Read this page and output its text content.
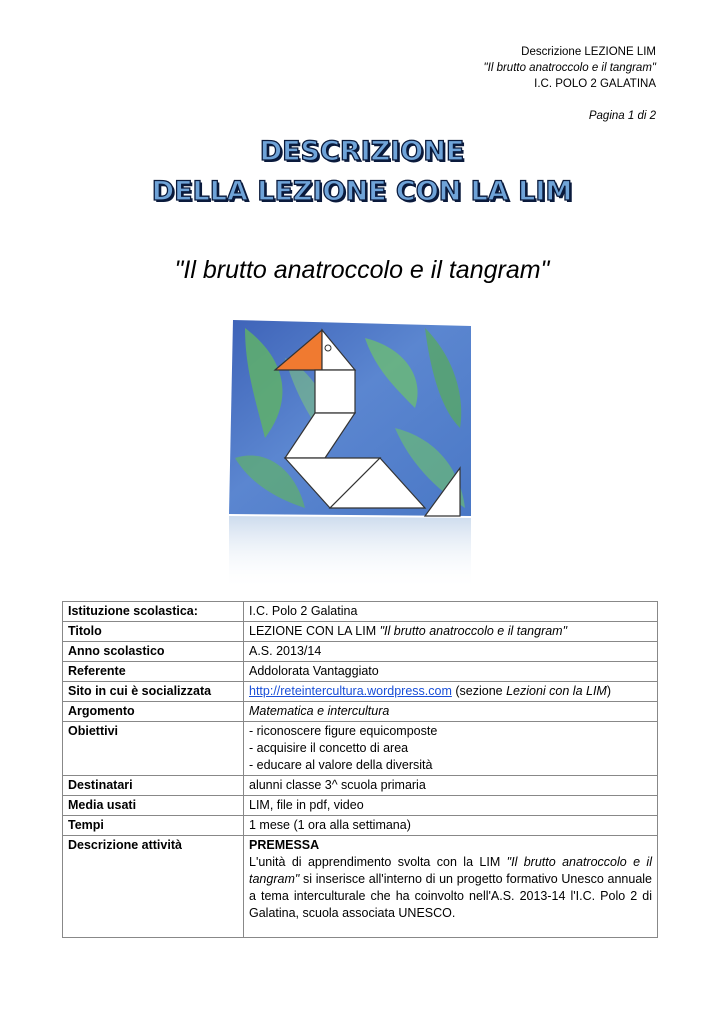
Descrizione LEZIONE LIM
"Il brutto anatroccolo e il tangram"
I.C. POLO 2 GALATINA
Pagina 1 di 2
DESCRIZIONE
DELLA LEZIONE CON LA LIM
"Il brutto anatroccolo e il tangram"
Istituzione scolastica:	I.C. Polo 2 Galatina
Titolo	LEZIONE CON LA LIM "Il brutto anatroccolo e il tangram"
Anno scolastico	A.S. 2013/14
Referente	Addolorata Vantaggiato
Sito in cui è socializzata	http://reteintercultura.wordpress.com (sezione Lezioni con la LIM)
Argomento	Matematica e intercultura
Obiettivi	- riconoscere figure equicomposte
- acquisire il concetto di area
- educare al valore della diversità

Destinatari	alunni classe 3^ scuola primaria
Media usati	LIM, file in pdf, video
Tempi	1 mese (1 ora alla settimana)
Descrizione attività	PREMESSA
L'unità di apprendimento svolta con la LIM "Il brutto anatroccolo e il tangram" si inserisce all'interno di un progetto formativo Unesco annuale a tema interculturale che ha coinvolto nell'A.S. 2013-14 l'I.C. Polo 2 di Galatina, scuola associata UNESCO.
